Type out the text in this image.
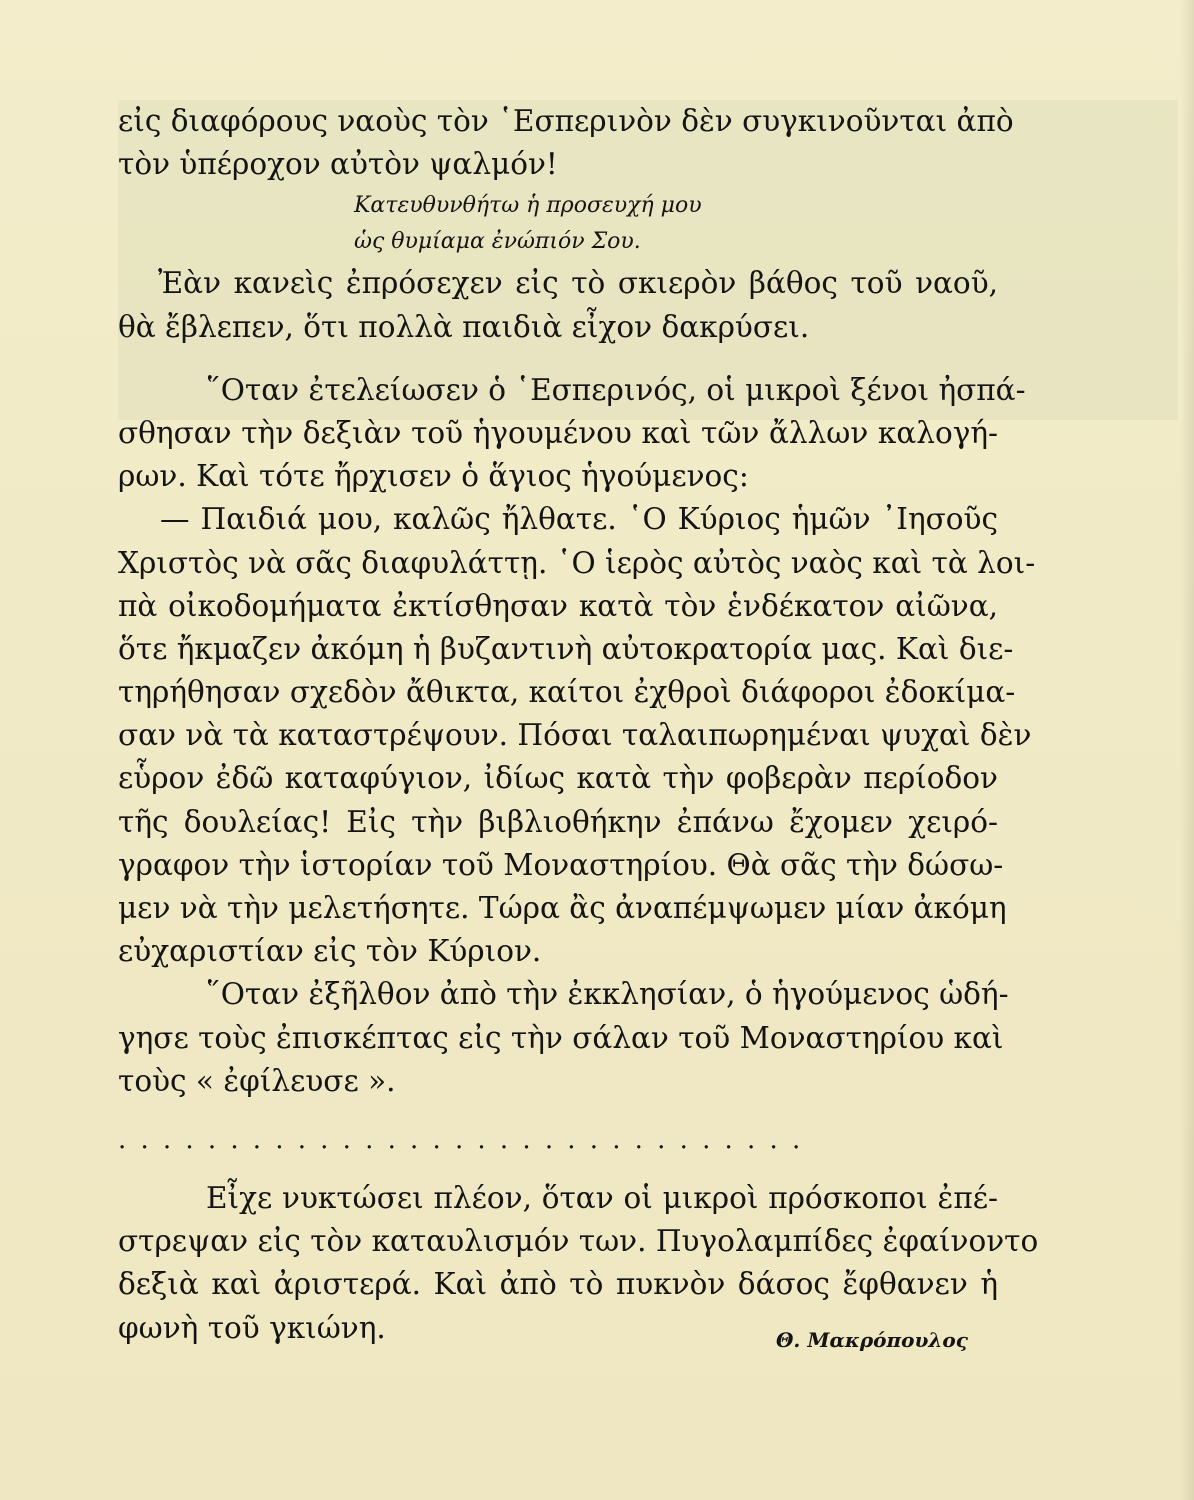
εἰς διαφόρους ναοὺς τὸν ῾Εσπερινὸν δὲν συγκινοῦνται ἀπὸ
τὸν ὑπέροχον αὐτὸν ψαλμόν!
Κατευθυνθήτω ἡ προσευχή μου
ὡς θυμίαμα ἐνώπιόν Σου.
Ἐὰν κανεὶς ἐπρόσεχεν εἰς τὸ σκιερὸν βάθος τοῦ ναοῦ,
θὰ ἔβλεπεν, ὅτι πολλὰ παιδιὰ εἶχον δακρύσει.
῞Οταν ἐτελείωσεν ὁ ῾Εσπερινός, οἱ μικροὶ ξένοι ἠσπά-
σθησαν τὴν δεξιὰν τοῦ ἡγουμένου καὶ τῶν ἄλλων καλογή-
ρων. Καὶ τότε ἤρχισεν ὁ ἅγιος ἡγούμενος:
— Παιδιά μου, καλῶς ἤλθατε. ῾Ο Κύριος ἡμῶν ᾿Ιησοῦς
Χριστὸς νὰ σᾶς διαφυλάττῃ. ῾Ο ἱερὸς αὐτὸς ναὸς καὶ τὰ λοι-
πὰ οἰκοδομήματα ἐκτίσθησαν κατὰ τὸν ἑνδέκατον αἰῶνα,
ὅτε ἤκμαζεν ἀκόμη ἡ βυζαντινὴ αὐτοκρατορία μας. Καὶ διε-
τηρήθησαν σχεδὸν ἄθικτα, καίτοι ἐχθροὶ διάφοροι ἐδοκίμα-
σαν νὰ τὰ καταστρέψουν. Πόσαι ταλαιπωρημέναι ψυχαὶ δὲν
εὗρον ἐδῶ καταφύγιον, ἰδίως κατὰ τὴν φοβερὰν περίοδον
τῆς δουλείας! Εἰς τὴν βιβλιοθήκην ἐπάνω ἔχομεν χειρό-
γραφον τὴν ἱστορίαν τοῦ Μοναστηρίου. Θὰ σᾶς τὴν δώσω-
μεν νὰ τὴν μελετήσητε. Τώρα ἂς ἀναπέμψωμεν μίαν ἀκόμη
εὐχαριστίαν εἰς τὸν Κύριον.
῞Οταν ἐξῆλθον ἀπὸ τὴν ἐκκλησίαν, ὁ ἡγούμενος ὡδή-
γησε τοὺς ἐπισκέπτας εἰς τὴν σάλαν τοῦ Μοναστηρίου καὶ
τοὺς « ἐφίλευσε ».
...............................
Εἶχε νυκτώσει πλέον, ὅταν οἱ μικροὶ πρόσκοποι ἐπέ-
στρεψαν εἰς τὸν καταυλισμόν των. Πυγολαμπίδες ἐφαίνοντο
δεξιὰ καὶ ἀριστερά. Καὶ ἀπὸ τὸ πυκνὸν δάσος ἔφθανεν ἡ
φωνὴ τοῦ γκιώνη.	Θ. Μακρόπουλος
